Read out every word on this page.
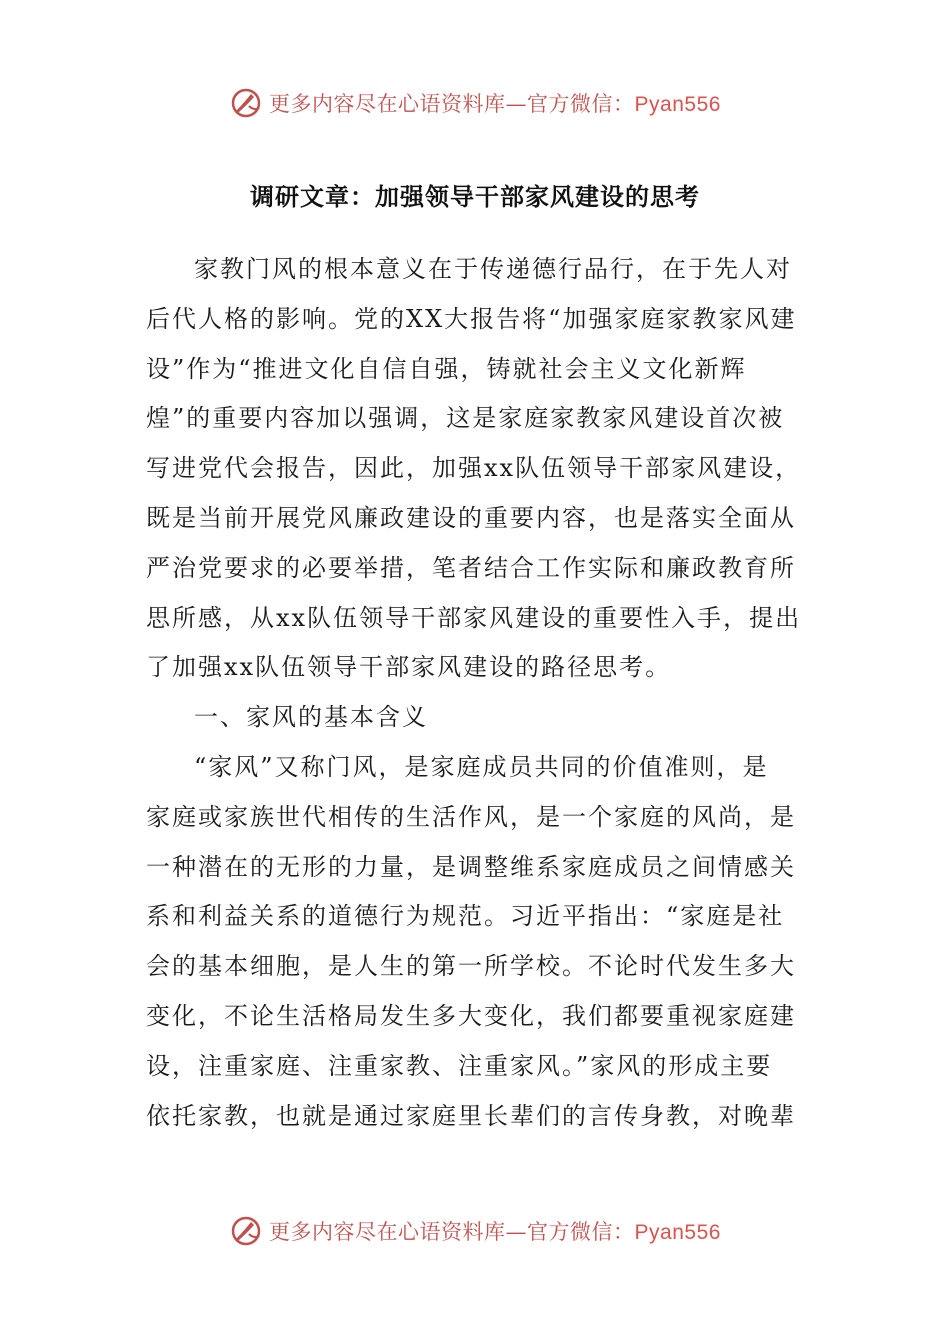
更多内容尽在心语资料库—官方微信：Pyan556
调研文章：加强领导干部家风建设的思考
家教门风的根本意义在于传递德行品行，在于先人对
后代人格的影响。党的XX大报告将“加强家庭家教家风建
设”作为“推进文化自信自强，铸就社会主义文化新辉
煌”的重要内容加以强调，这是家庭家教家风建设首次被
写进党代会报告，因此，加强xx队伍领导干部家风建设，
既是当前开展党风廉政建设的重要内容，也是落实全面从
严治党要求的必要举措，笔者结合工作实际和廉政教育所
思所感，从xx队伍领导干部家风建设的重要性入手，提出
了加强xx队伍领导干部家风建设的路径思考。
一、家风的基本含义
“家风”又称门风，是家庭成员共同的价值准则，是
家庭或家族世代相传的生活作风，是一个家庭的风尚，是
一种潜在的无形的力量，是调整维系家庭成员之间情感关
系和利益关系的道德行为规范。习近平指出：“家庭是社
会的基本细胞，是人生的第一所学校。不论时代发生多大
变化，不论生活格局发生多大变化，我们都要重视家庭建
设，注重家庭、注重家教、注重家风。”家风的形成主要
依托家教，也就是通过家庭里长辈们的言传身教，对晚辈
更多内容尽在心语资料库—官方微信：Pyan556
